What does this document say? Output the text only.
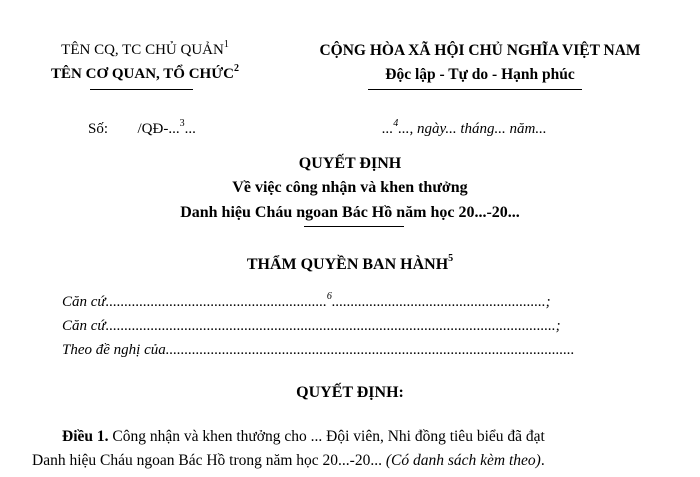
TÊN CQ, TC CHỦ QUẢN$^1$
TÊN CƠ QUAN, TỔ CHỨC$^2$
CỘNG HÒA XÃ HỘI CHỦ NGHĨA VIỆT NAM
Độc lập - Tự do - Hạnh phúc
Số: /QĐ-...$^3$...	...$^4$..., ngày... tháng... năm...
QUYẾT ĐỊNH
Về việc công nhận và khen thưởng
Danh hiệu Cháu ngoan Bác Hồ năm học 20...-20...
THẨM QUYỀN BAN HÀNH$^5$
Căn cứ...........................................................$^6$.........................................................;
Căn cứ........................................................................................................................;
Theo đề nghị của.............................................................................................................
QUYẾT ĐỊNH:
Điều 1. Công nhận và khen thưởng cho ... Đội viên, Nhi đồng tiêu biểu đã đạt
Danh hiệu Cháu ngoan Bác Hồ trong năm học 20...-20... (Có danh sách kèm theo).
